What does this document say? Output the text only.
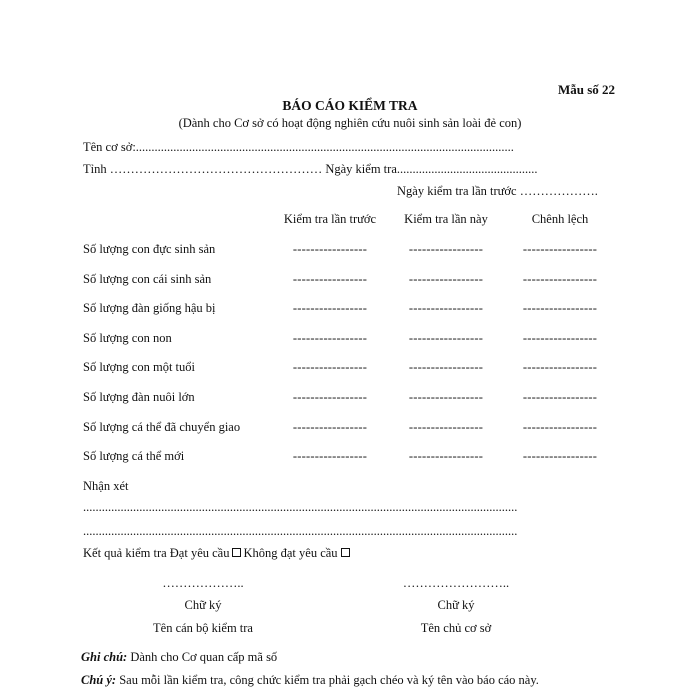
Mẫu số 22
BÁO CÁO KIỂM TRA
(Dành cho Cơ sở có hoạt động nghiên cứu nuôi sinh sản loài đẻ con)
Tên cơ sở:.........................................................................................................................
Tỉnh …………………………………………… Ngày kiểm tra.............................................
Ngày kiểm tra lần trước ……………….
Kiểm tra lần trước	Kiểm tra lần này	Chênh lệch
Số lượng con đực sinh sản	-----------------	-----------------	-----------------
Số lượng con cái sinh sản	-----------------	-----------------	-----------------
Số lượng đàn giống hậu bị	-----------------	-----------------	-----------------
Số lượng con non	-----------------	-----------------	-----------------
Số lượng con một tuổi	-----------------	-----------------	-----------------
Số lượng đàn nuôi lớn	-----------------	-----------------	-----------------
Số lượng cá thể đã chuyển giao	-----------------	-----------------	-----------------
Số lượng cá thể mới	-----------------	-----------------	-----------------
Nhận xét
...........................................................................................................................................
...........................................................................................................................................
Kết quả kiểm tra Đạt yêu cầu Không đạt yêu cầu
………………..
Chữ ký
Tên cán bộ kiểm tra
……………………..
Chữ ký
Tên chủ cơ sở
Ghi chú: Dành cho Cơ quan cấp mã số
Chú ý: Sau mỗi lần kiểm tra, công chức kiểm tra phải gạch chéo và ký tên vào báo cáo này.
